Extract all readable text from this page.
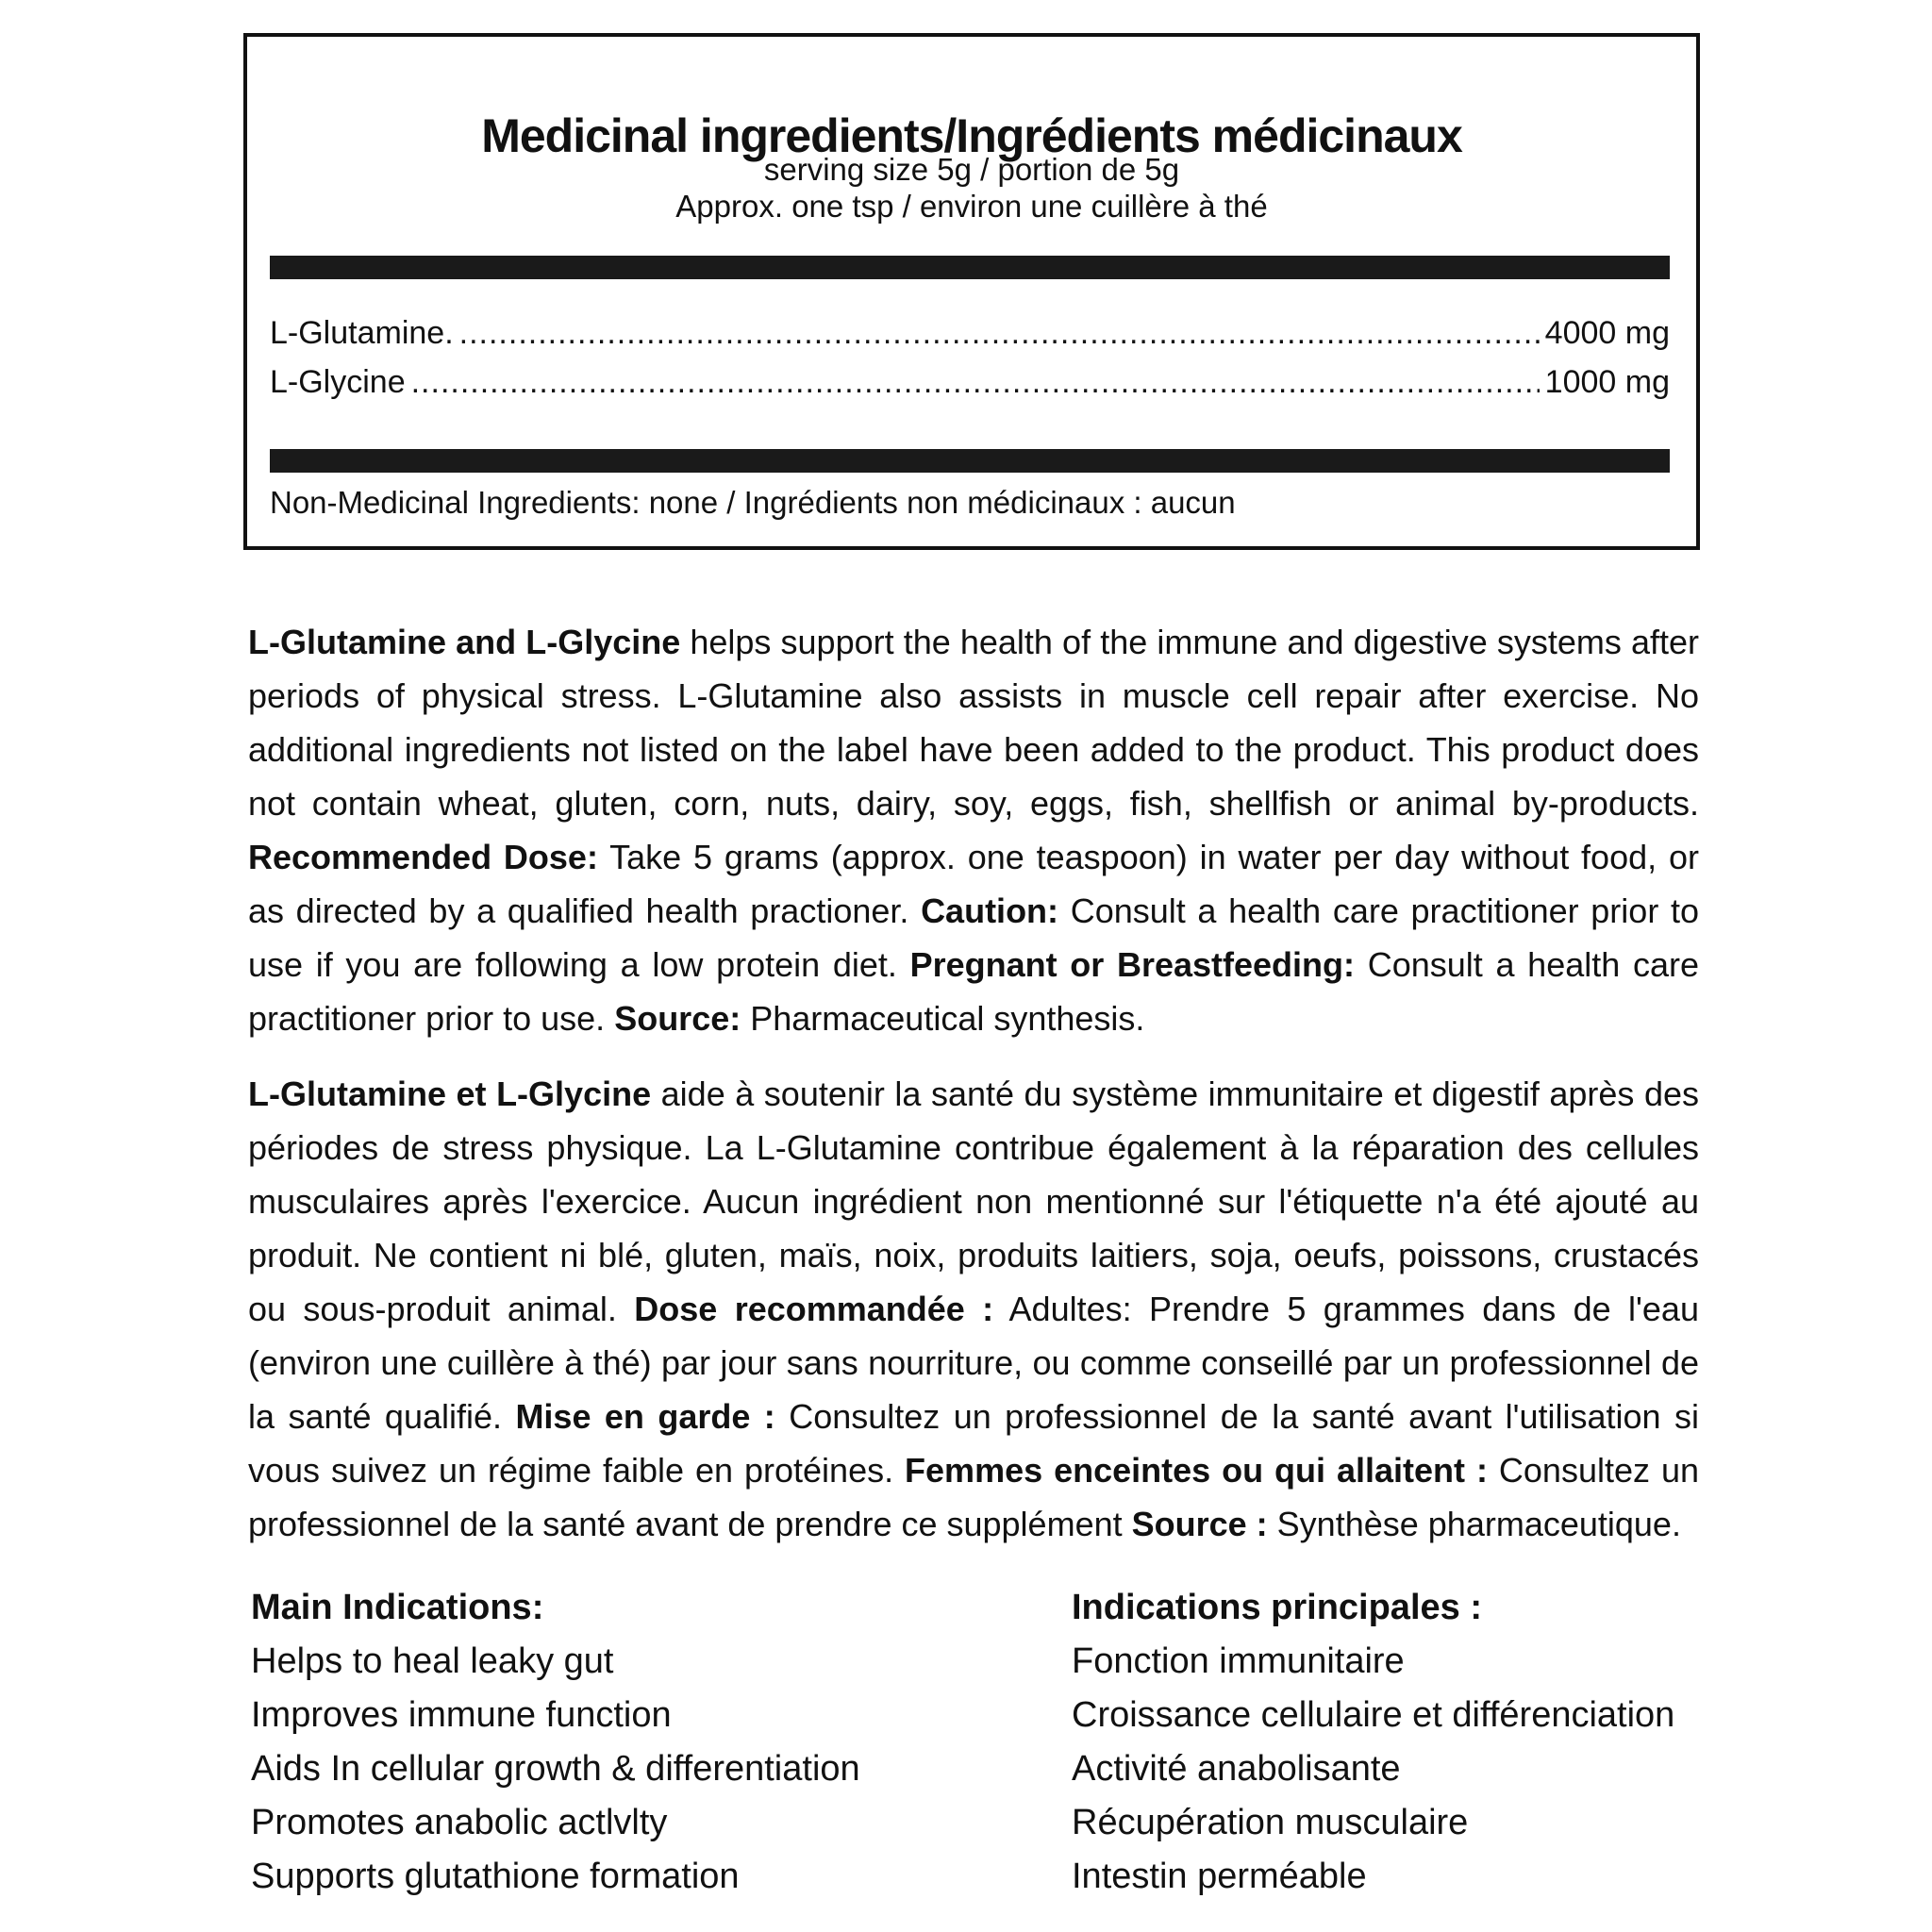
Medicinal ingredients/Ingrédients médicinaux
serving size 5g / portion de 5g
Approx. one tsp / environ une cuillère à thé
L-Glutamine. .....	4000 mg
L-Glycine .....	1000 mg
Non-Medicinal Ingredients: none / Ingrédients non médicinaux : aucun

L-Glutamine and L-Glycine helps support the health of the immune and digestive systems after periods of physical stress. L-Glutamine also assists in muscle cell repair after exercise. No additional ingredients not listed on the label have been added to the product. This product does not contain wheat, gluten, corn, nuts, dairy, soy, eggs, fish, shellfish or animal by-products. Recommended Dose: Take 5 grams (approx. one teaspoon) in water per day without food, or as directed by a qualified health practioner. Caution: Consult a health care practitioner prior to use if you are following a low protein diet. Pregnant or Breastfeeding: Consult a health care practitioner prior to use. Source: Pharmaceutical synthesis.

L-Glutamine et L-Glycine aide à soutenir la santé du système immunitaire et digestif après des périodes de stress physique. La L-Glutamine contribue également à la réparation des cellules musculaires après l'exercice. Aucun ingrédient non mentionné sur l'étiquette n'a été ajouté au produit. Ne contient ni blé, gluten, maïs, noix, produits laitiers, soja, oeufs, poissons, crustacés ou sous-produit animal. Dose recommandée : Adultes: Prendre 5 grammes dans de l'eau (environ une cuillère à thé) par jour sans nourriture, ou comme conseillé par un professionnel de la santé qualifié. Mise en garde : Consultez un professionnel de la santé avant l'utilisation si vous suivez un régime faible en protéines. Femmes enceintes ou qui allaitent : Consultez un professionnel de la santé avant de prendre ce supplément Source : Synthèse pharmaceutique.

Main Indications:
Helps to heal leaky gut
Improves immune function
Aids In cellular growth & differentiation
Promotes anabolic actlvlty
Supports glutathione formation
Indications principales :
Fonction immunitaire
Croissance cellulaire et différenciation
Activité anabolisante
Récupération musculaire
Intestin perméable
